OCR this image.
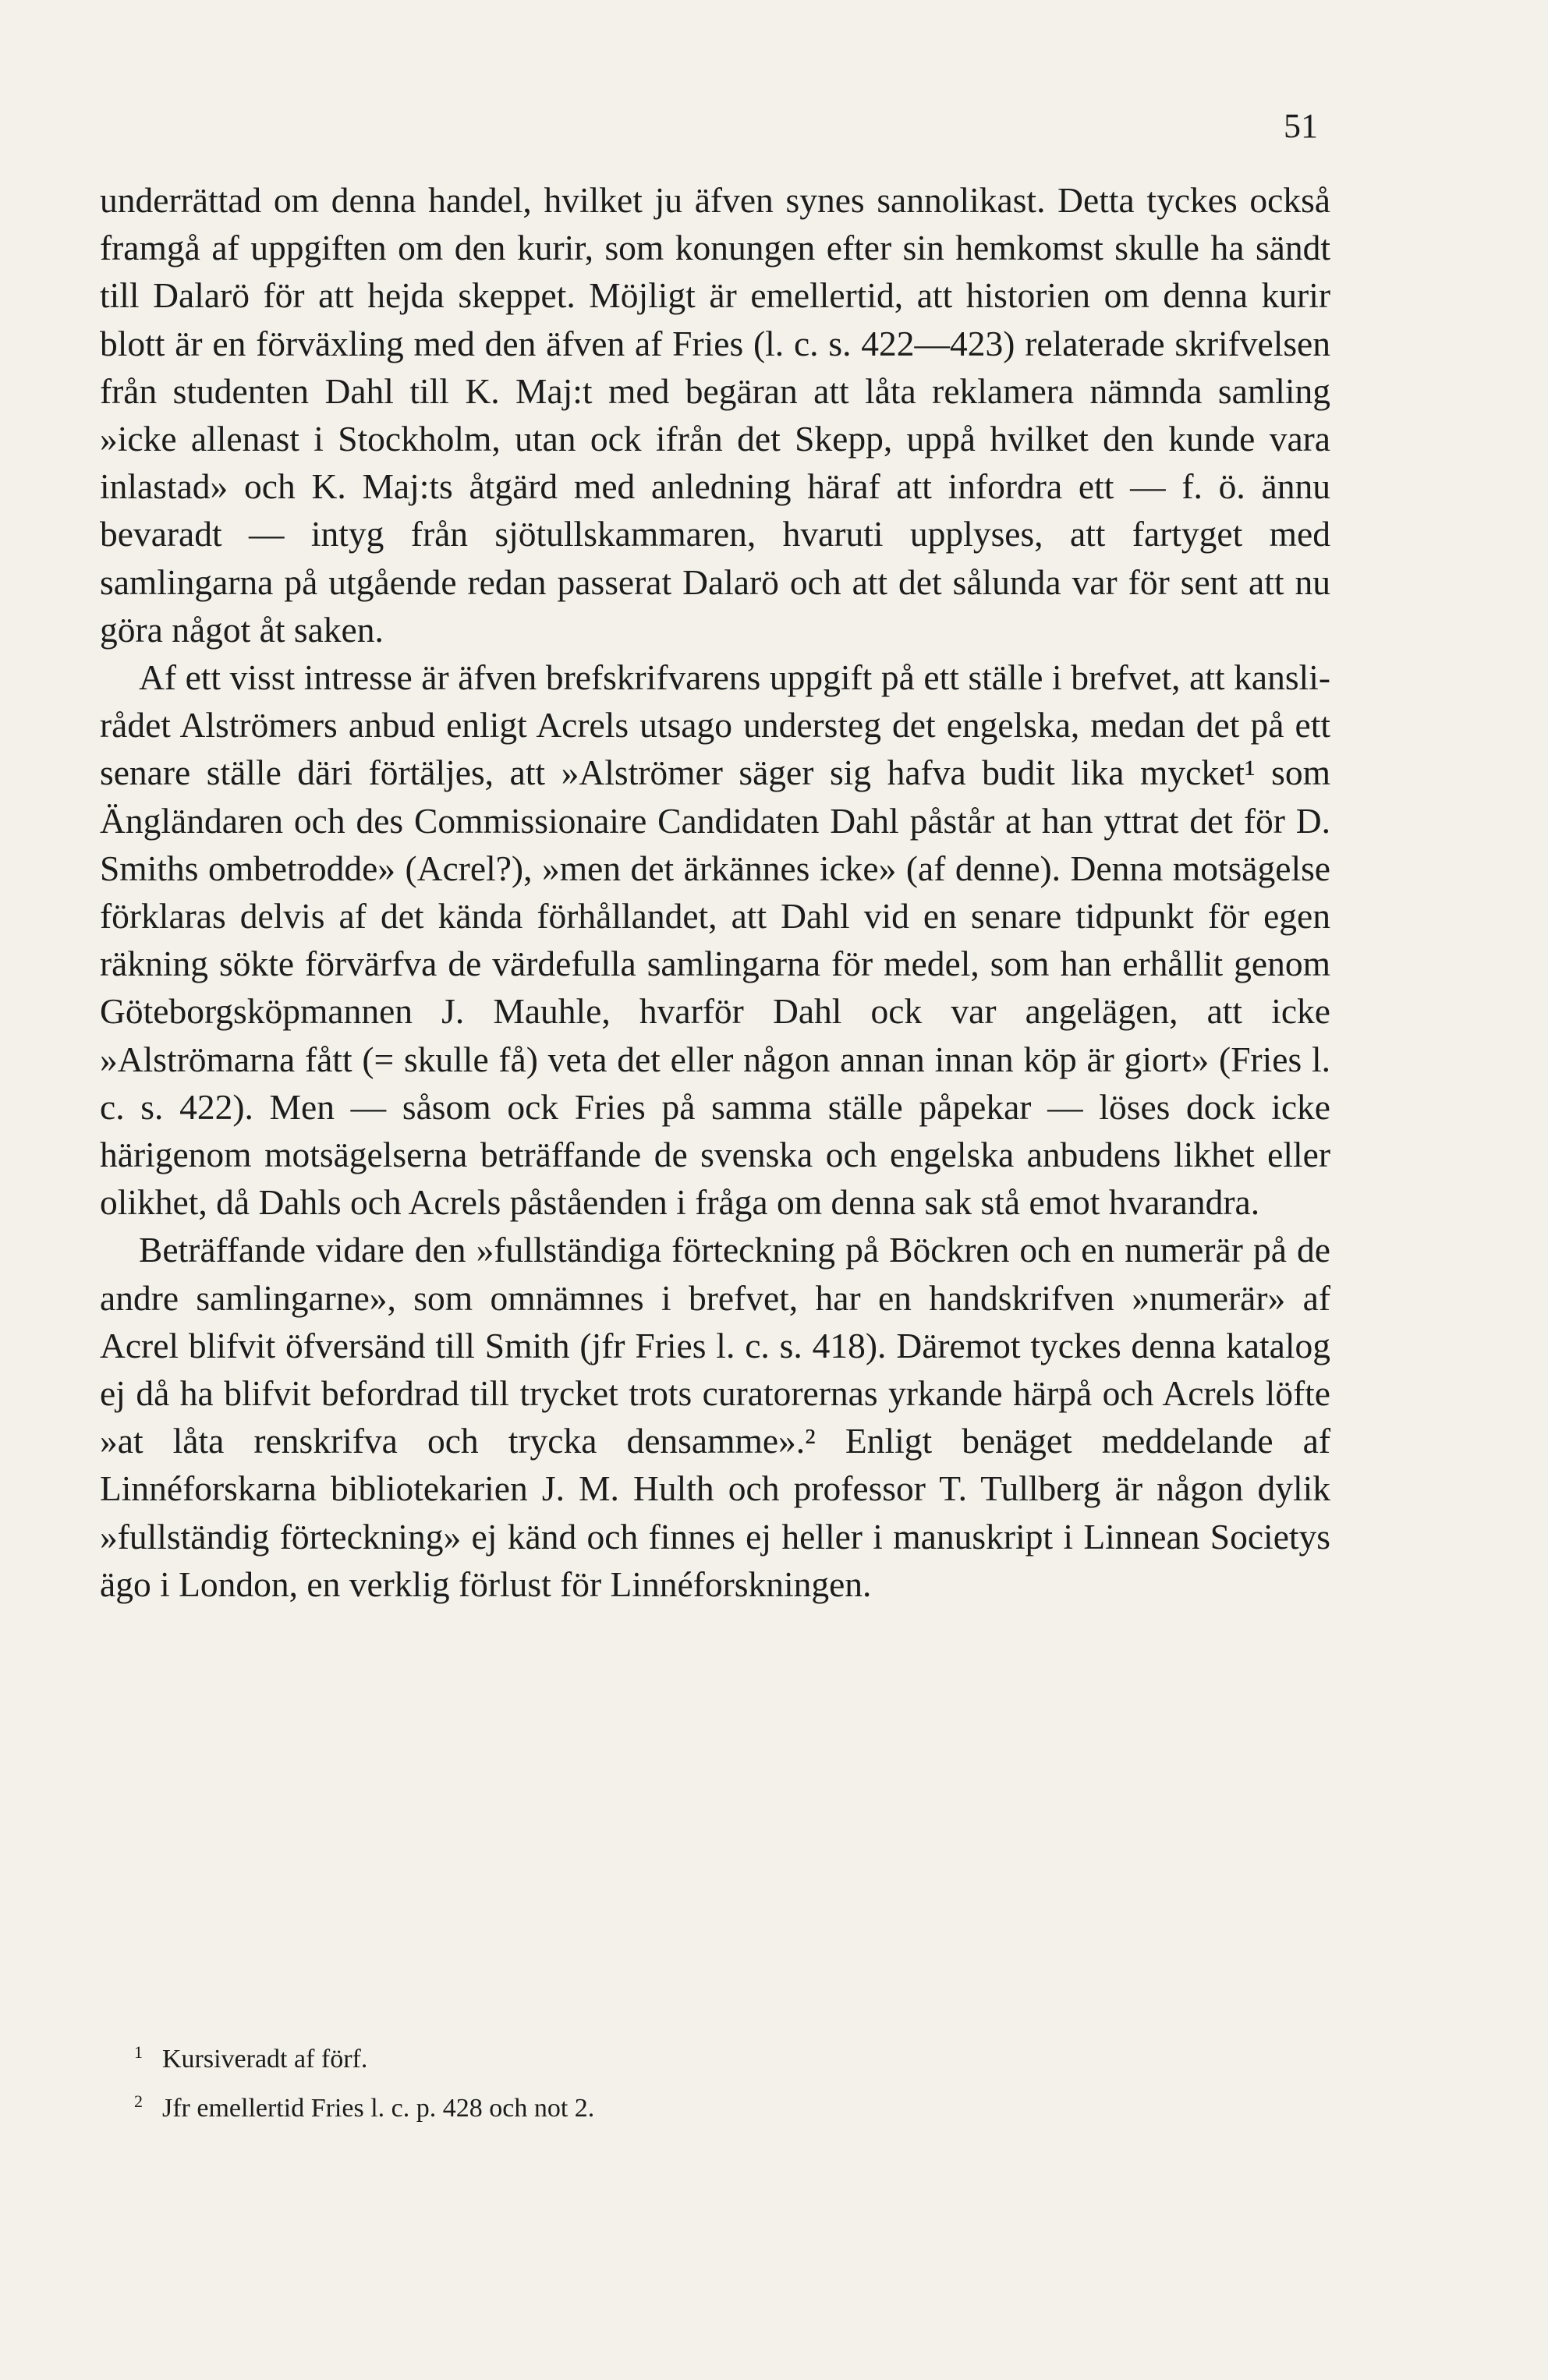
51

underrättad om denna handel, hvilket ju äfven synes sannolikast. Detta tyckes också framgå af uppgiften om den kurir, som konungen efter sin hemkomst skulle ha sändt till Dalarö för att hejda skeppet. Möjligt är emellertid, att historien om denna kurir blott är en förväxling med den äfven af Fries (l. c. s. 422—423) relaterade skrifvelsen från studenten Dahl till K. Maj:t med begäran att låta reklamera nämnda samling »icke allenast i Stockholm, utan ock ifrån det Skepp, uppå hvilket den kunde vara inlastad» och K. Maj:ts åtgärd med anledning häraf att infordra ett — f. ö. ännu bevaradt — intyg från sjötullskammaren, hvaruti upplyses, att fartyget med samlingarna på utgående redan passerat Dalarö och att det sålunda var för sent att nu göra något åt saken.

Af ett visst intresse är äfven brefskrifvarens uppgift på ett ställe i brefvet, att kanslirådet Alströmers anbud enligt Acrels utsago understeg det engelska, medan det på ett senare ställe däri förtäljes, att »Alströmer säger sig hafva budit lika mycket¹ som Ängländaren och des Commissionaire Candidaten Dahl påstår at han yttrat det för D. Smiths ombetrodde» (Acrel?), »men det ärkännes icke» (af denne). Denna motsägelse förklaras delvis af det kända förhållandet, att Dahl vid en senare tidpunkt för egen räkning sökte förvärfva de värdefulla samlingarna för medel, som han erhållit genom Göteborgsköpmannen J. Mauhle, hvarför Dahl ock var angelägen, att icke »Alströmarna fått (= skulle få) veta det eller någon annan innan köp är giort» (Fries l. c. s. 422). Men — såsom ock Fries på samma ställe påpekar — löses dock icke härigenom motsägelserna beträffande de svenska och engelska anbudens likhet eller olikhet, då Dahls och Acrels påståenden i fråga om denna sak stå emot hvarandra.

Beträffande vidare den »fullständiga förteckning på Böckren och en numerär på de andre samlingarne», som omnämnes i brefvet, har en handskrifven »numerär» af Acrel blifvit öfversänd till Smith (jfr Fries l. c. s. 418). Däremot tyckes denna katalog ej då ha blifvit befordrad till trycket trots curatorernas yrkande härpå och Acrels löfte »at låta renskrifva och trycka densamme».² Enligt benäget meddelande af Linnéforskarna bibliotekarien J. M. Hulth och professor T. Tullberg är någon dylik »fullständig förteckning» ej känd och finnes ej heller i manuskript i Linnean Societys ägo i London, en verklig förlust för Linnéforskningen.

1 Kursiveradt af förf.

2 Jfr emellertid Fries l. c. p. 428 och not 2.
